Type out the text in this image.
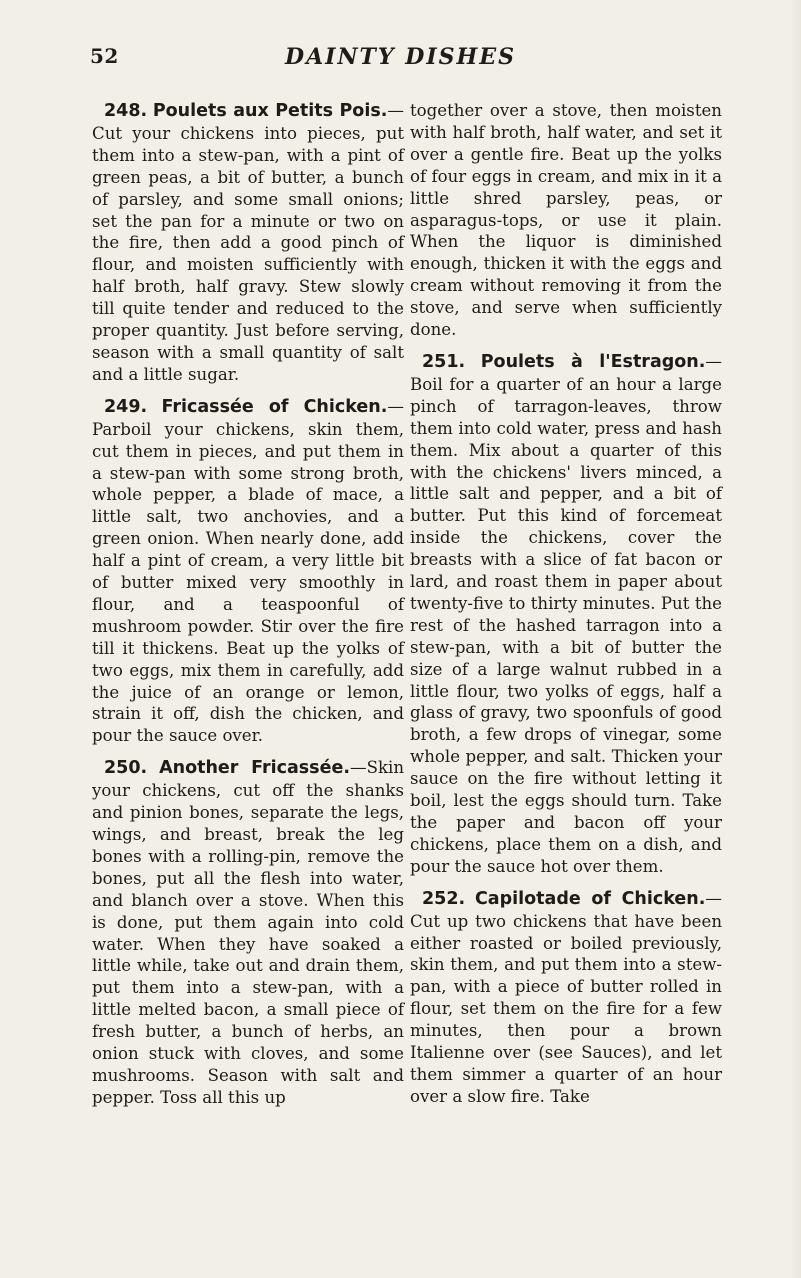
52	DAINTY DISHES

248. Poulets aux Petits Pois.—Cut your chickens into pieces, put them into a stew-pan, with a pint of green peas, a bit of butter, a bunch of parsley, and some small onions; set the pan for a minute or two on the fire, then add a good pinch of flour, and moisten sufficiently with half broth, half gravy. Stew slowly till quite tender and reduced to the proper quantity. Just before serving, season with a small quantity of salt and a little sugar.

249. Fricassée of Chicken.—Parboil your chickens, skin them, cut them in pieces, and put them in a stew-pan with some strong broth, whole pepper, a blade of mace, a little salt, two anchovies, and a green onion. When nearly done, add half a pint of cream, a very little bit of butter mixed very smoothly in flour, and a teaspoonful of mushroom powder. Stir over the fire till it thickens. Beat up the yolks of two eggs, mix them in carefully, add the juice of an orange or lemon, strain it off, dish the chicken, and pour the sauce over.

250. Another Fricassée.—Skin your chickens, cut off the shanks and pinion bones, separate the legs, wings, and breast, break the leg bones with a rolling-pin, remove the bones, put all the flesh into water, and blanch over a stove. When this is done, put them again into cold water. When they have soaked a little while, take out and drain them, put them into a stew-pan, with a little melted bacon, a small piece of fresh butter, a bunch of herbs, an onion stuck with cloves, and some mushrooms. Season with salt and pepper. Toss all this up

together over a stove, then moisten with half broth, half water, and set it over a gentle fire. Beat up the yolks of four eggs in cream, and mix in it a little shred parsley, peas, or asparagus-tops, or use it plain. When the liquor is diminished enough, thicken it with the eggs and cream without removing it from the stove, and serve when sufficiently done.

251. Poulets à l'Estragon.—Boil for a quarter of an hour a large pinch of tarragon-leaves, throw them into cold water, press and hash them. Mix about a quarter of this with the chickens' livers minced, a little salt and pepper, and a bit of butter. Put this kind of forcemeat inside the chickens, cover the breasts with a slice of fat bacon or lard, and roast them in paper about twenty-five to thirty minutes. Put the rest of the hashed tarragon into a stew-pan, with a bit of butter the size of a large walnut rubbed in a little flour, two yolks of eggs, half a glass of gravy, two spoonfuls of good broth, a few drops of vinegar, some whole pepper, and salt. Thicken your sauce on the fire without letting it boil, lest the eggs should turn. Take the paper and bacon off your chickens, place them on a dish, and pour the sauce hot over them.

252. Capilotade of Chicken.—Cut up two chickens that have been either roasted or boiled previously, skin them, and put them into a stew-pan, with a piece of butter rolled in flour, set them on the fire for a few minutes, then pour a brown Italienne over (see Sauces), and let them simmer a quarter of an hour over a slow fire. Take
